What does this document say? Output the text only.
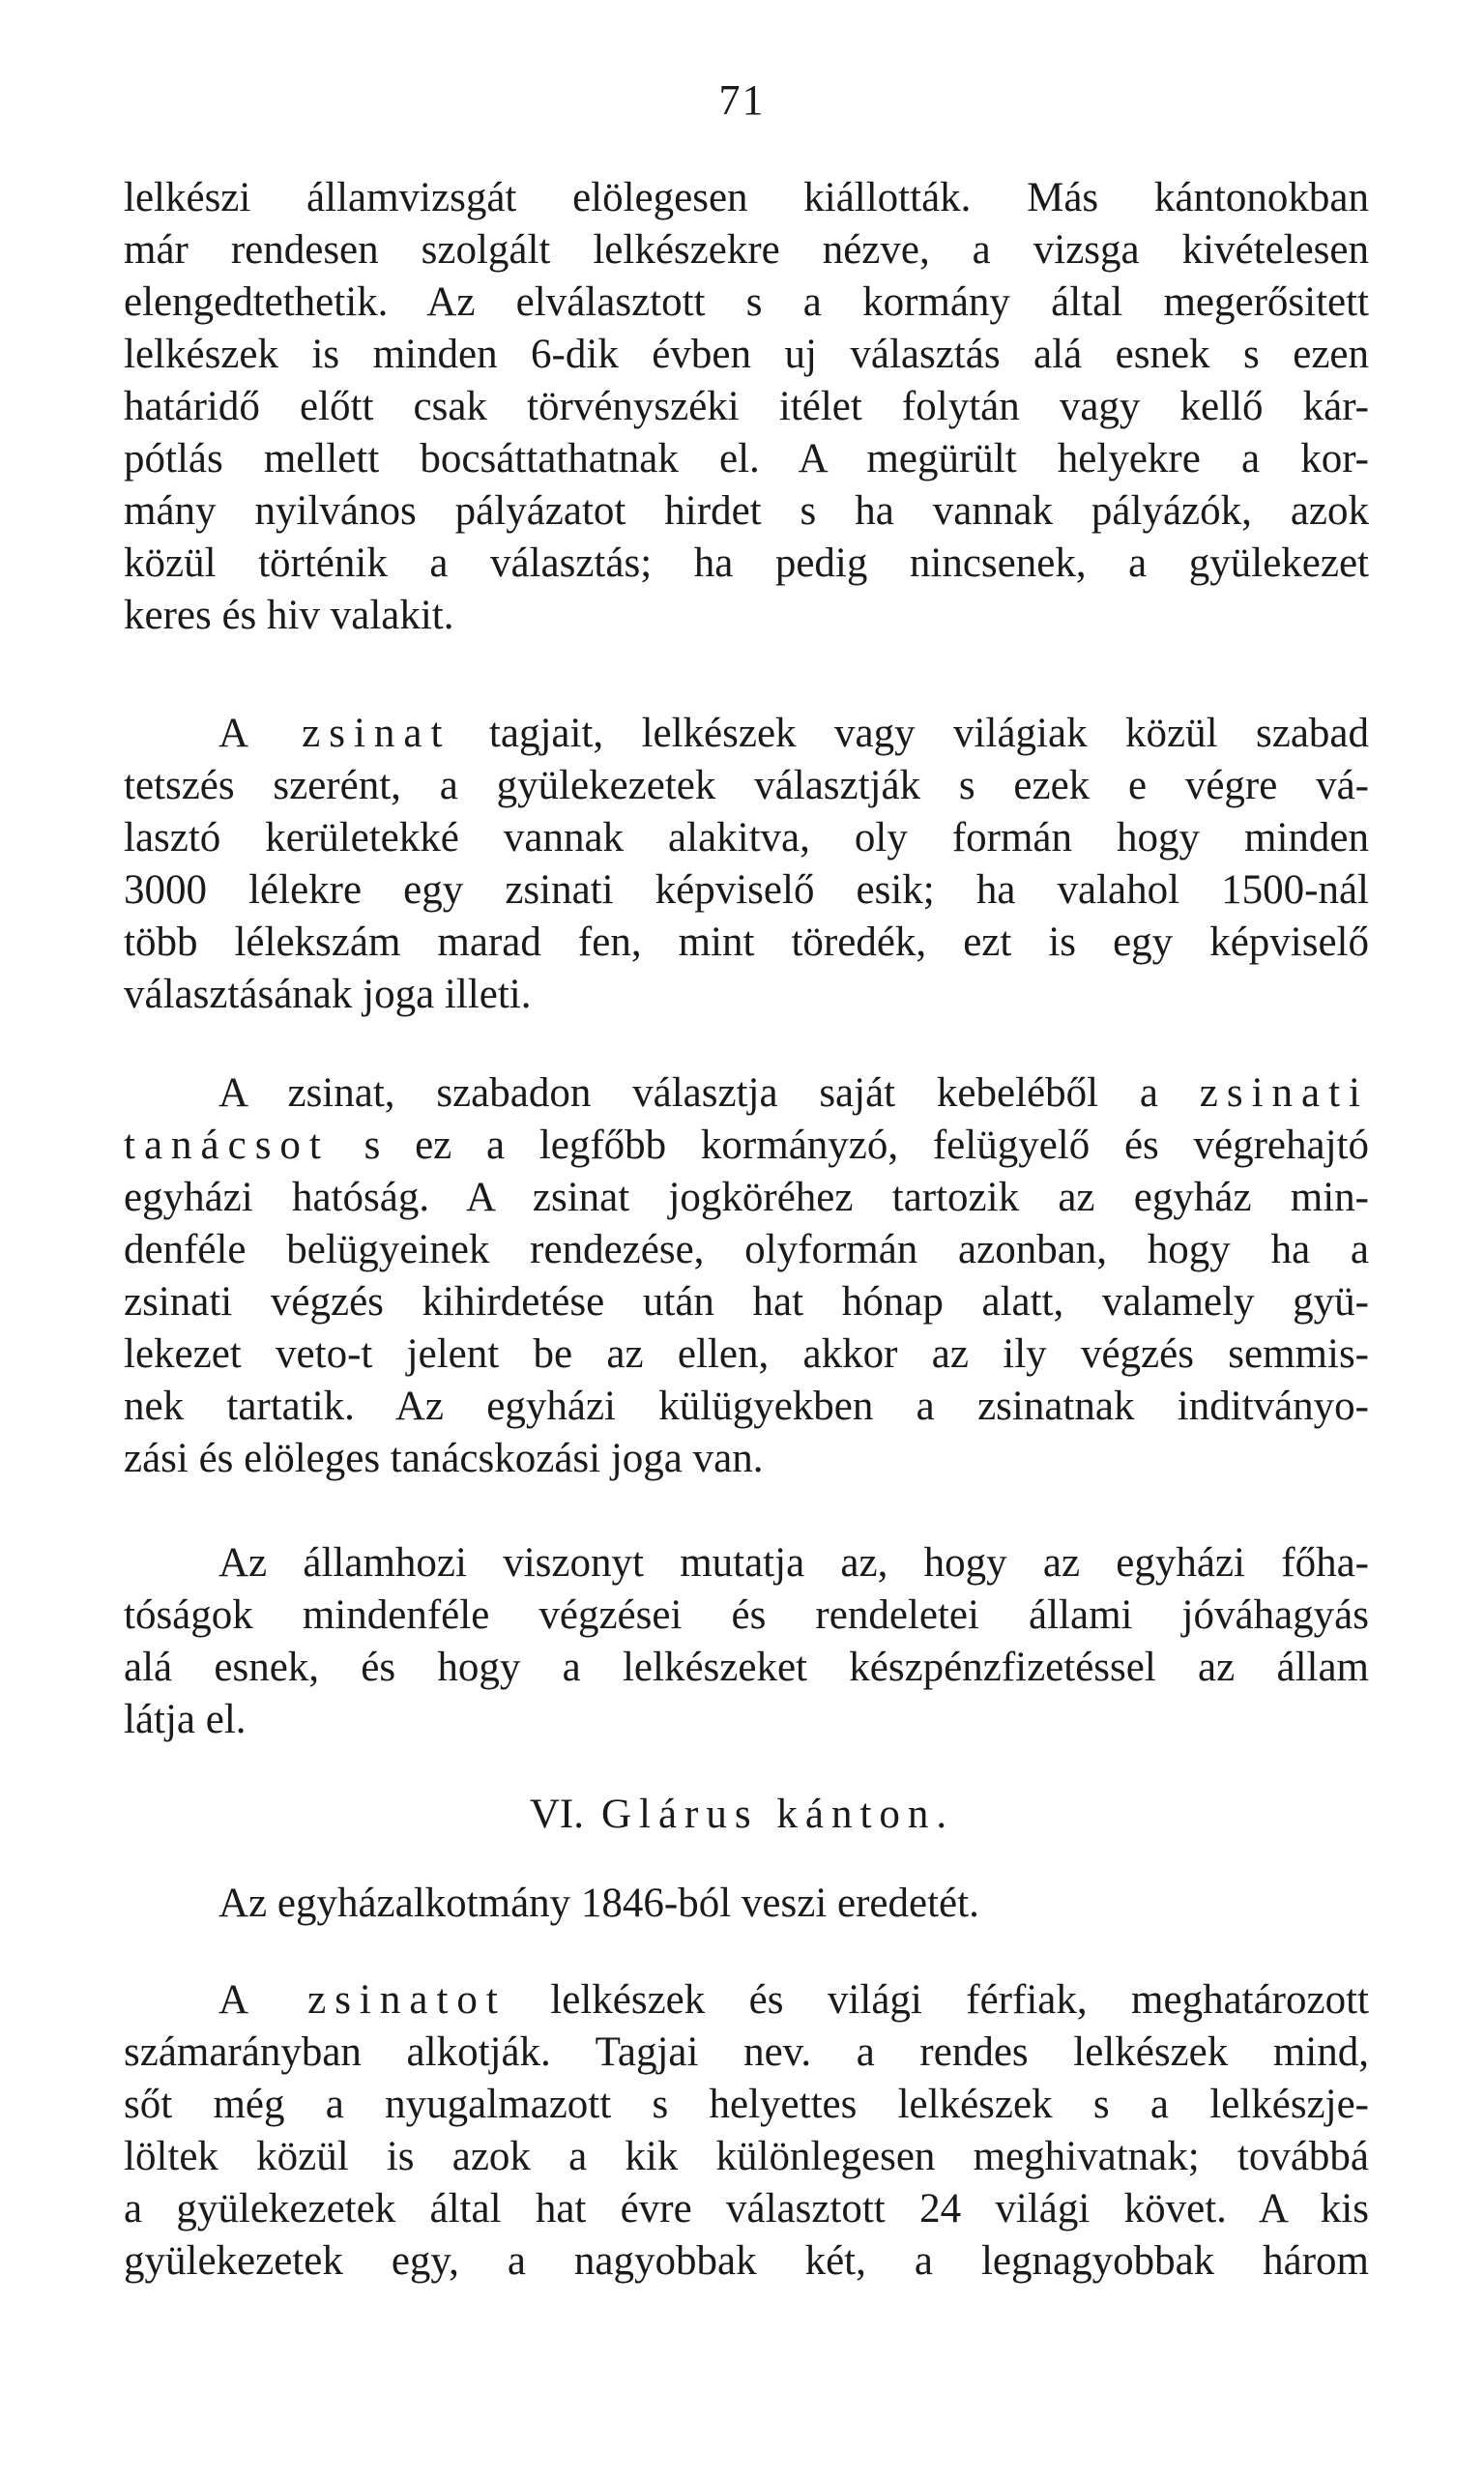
71
lelkészi államvizsgát elölegesen kiállották. Más kántonokban
már rendesen szolgált lelkészekre nézve, a vizsga kivételesen
elengedtethetik. Az elválasztott s a kormány által megerősitett
lelkészek is minden 6-dik évben uj választás alá esnek s ezen
határidő előtt csak törvényszéki itélet folytán vagy kellő kár-
pótlás mellett bocsáttathatnak el. A megürült helyekre a kor-
mány nyilvános pályázatot hirdet s ha vannak pályázók, azok
közül történik a választás; ha pedig nincsenek, a gyülekezet
keres és hiv valakit.
A zsinat tagjait, lelkészek vagy világiak közül szabad
tetszés szerént, a gyülekezetek választják s ezek e végre vá-
lasztó kerületekké vannak alakitva, oly formán hogy minden
3000 lélekre egy zsinati képviselő esik; ha valahol 1500-nál
több lélekszám marad fen, mint töredék, ezt is egy képviselő
választásának joga illeti.
A zsinat, szabadon választja saját kebeléből a zsinati
tanácsot s ez a legfőbb kormányzó, felügyelő és végrehajtó
egyházi hatóság. A zsinat jogköréhez tartozik az egyház min-
denféle belügyeinek rendezése, olyformán azonban, hogy ha a
zsinati végzés kihirdetése után hat hónap alatt, valamely gyü-
lekezet veto-t jelent be az ellen, akkor az ily végzés semmis-
nek tartatik. Az egyházi külügyekben a zsinatnak inditványo-
zási és elöleges tanácskozási joga van.
Az államhozi viszonyt mutatja az, hogy az egyházi főha-
tóságok mindenféle végzései és rendeletei állami jóváhagyás
alá esnek, és hogy a lelkészeket készpénzfizetéssel az állam
látja el.
VI. Glárus kánton.
Az egyházalkotmány 1846-ból veszi eredetét.
A zsinatot lelkészek és világi férfiak, meghatározott
számarányban alkotják. Tagjai nev. a rendes lelkészek mind,
sőt még a nyugalmazott s helyettes lelkészek s a lelkészje-
löltek közül is azok a kik különlegesen meghivatnak; továbbá
a gyülekezetek által hat évre választott 24 világi követ. A kis
gyülekezetek egy, a nagyobbak két, a legnagyobbak három
